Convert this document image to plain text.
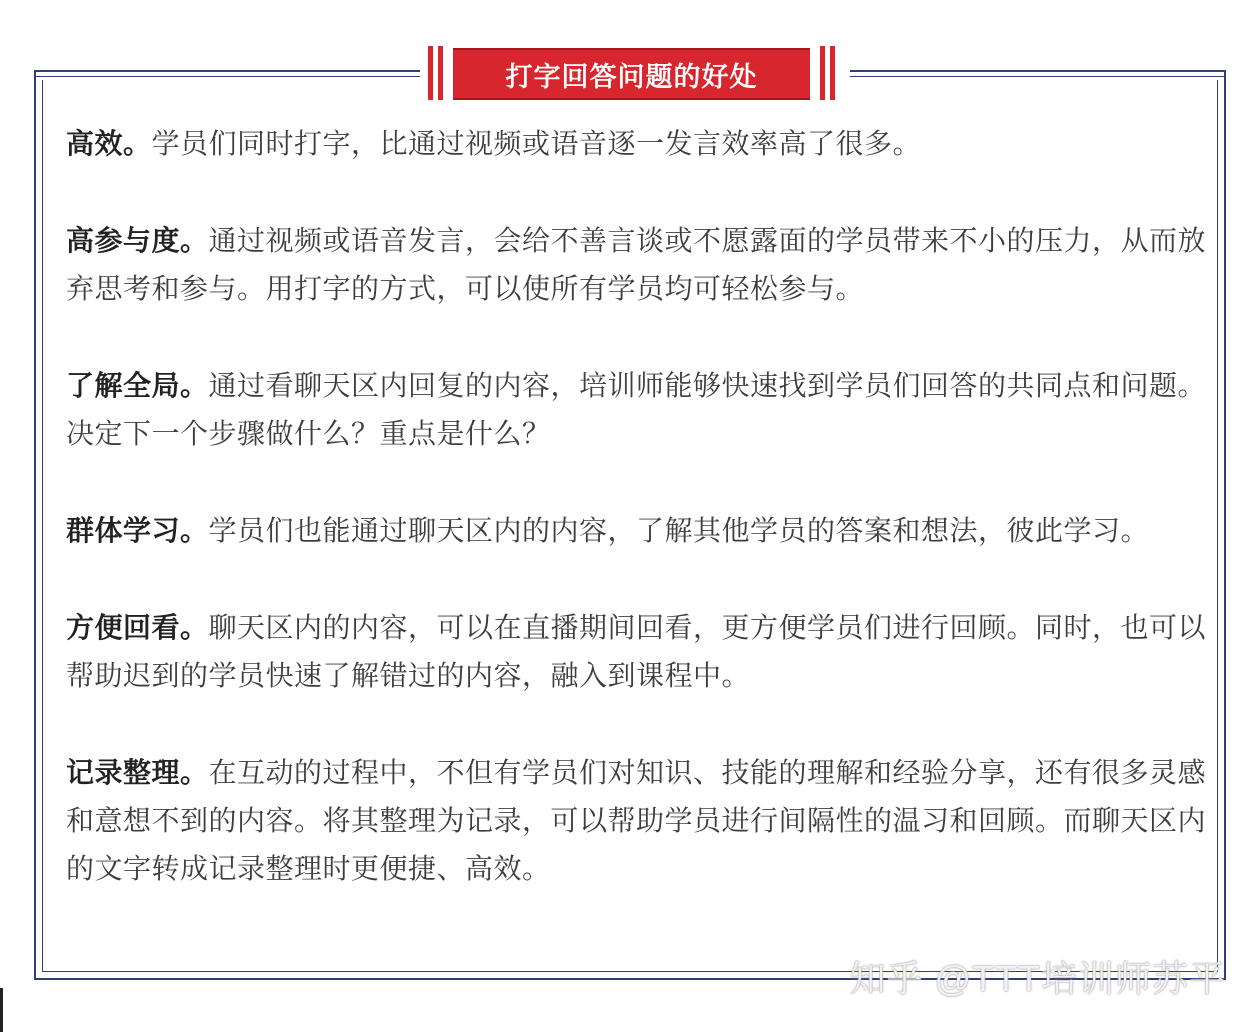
打字回答问题的好处

高效。学员们同时打字，比通过视频或语音逐一发言效率高了很多。

高参与度。通过视频或语音发言，会给不善言谈或不愿露面的学员带来不小的压力，从而放弃思考和参与。用打字的方式，可以使所有学员均可轻松参与。

了解全局。通过看聊天区内回复的内容，培训师能够快速找到学员们回答的共同点和问题。决定下一个步骤做什么？重点是什么？

群体学习。学员们也能通过聊天区内的内容，了解其他学员的答案和想法，彼此学习。

方便回看。聊天区内的内容，可以在直播期间回看，更方便学员们进行回顾。同时，也可以帮助迟到的学员快速了解错过的内容，融入到课程中。

记录整理。在互动的过程中，不但有学员们对知识、技能的理解和经验分享，还有很多灵感和意想不到的内容。将其整理为记录，可以帮助学员进行间隔性的温习和回顾。而聊天区内的文字转成记录整理时更便捷、高效。

知乎 @TTT培训师苏平
